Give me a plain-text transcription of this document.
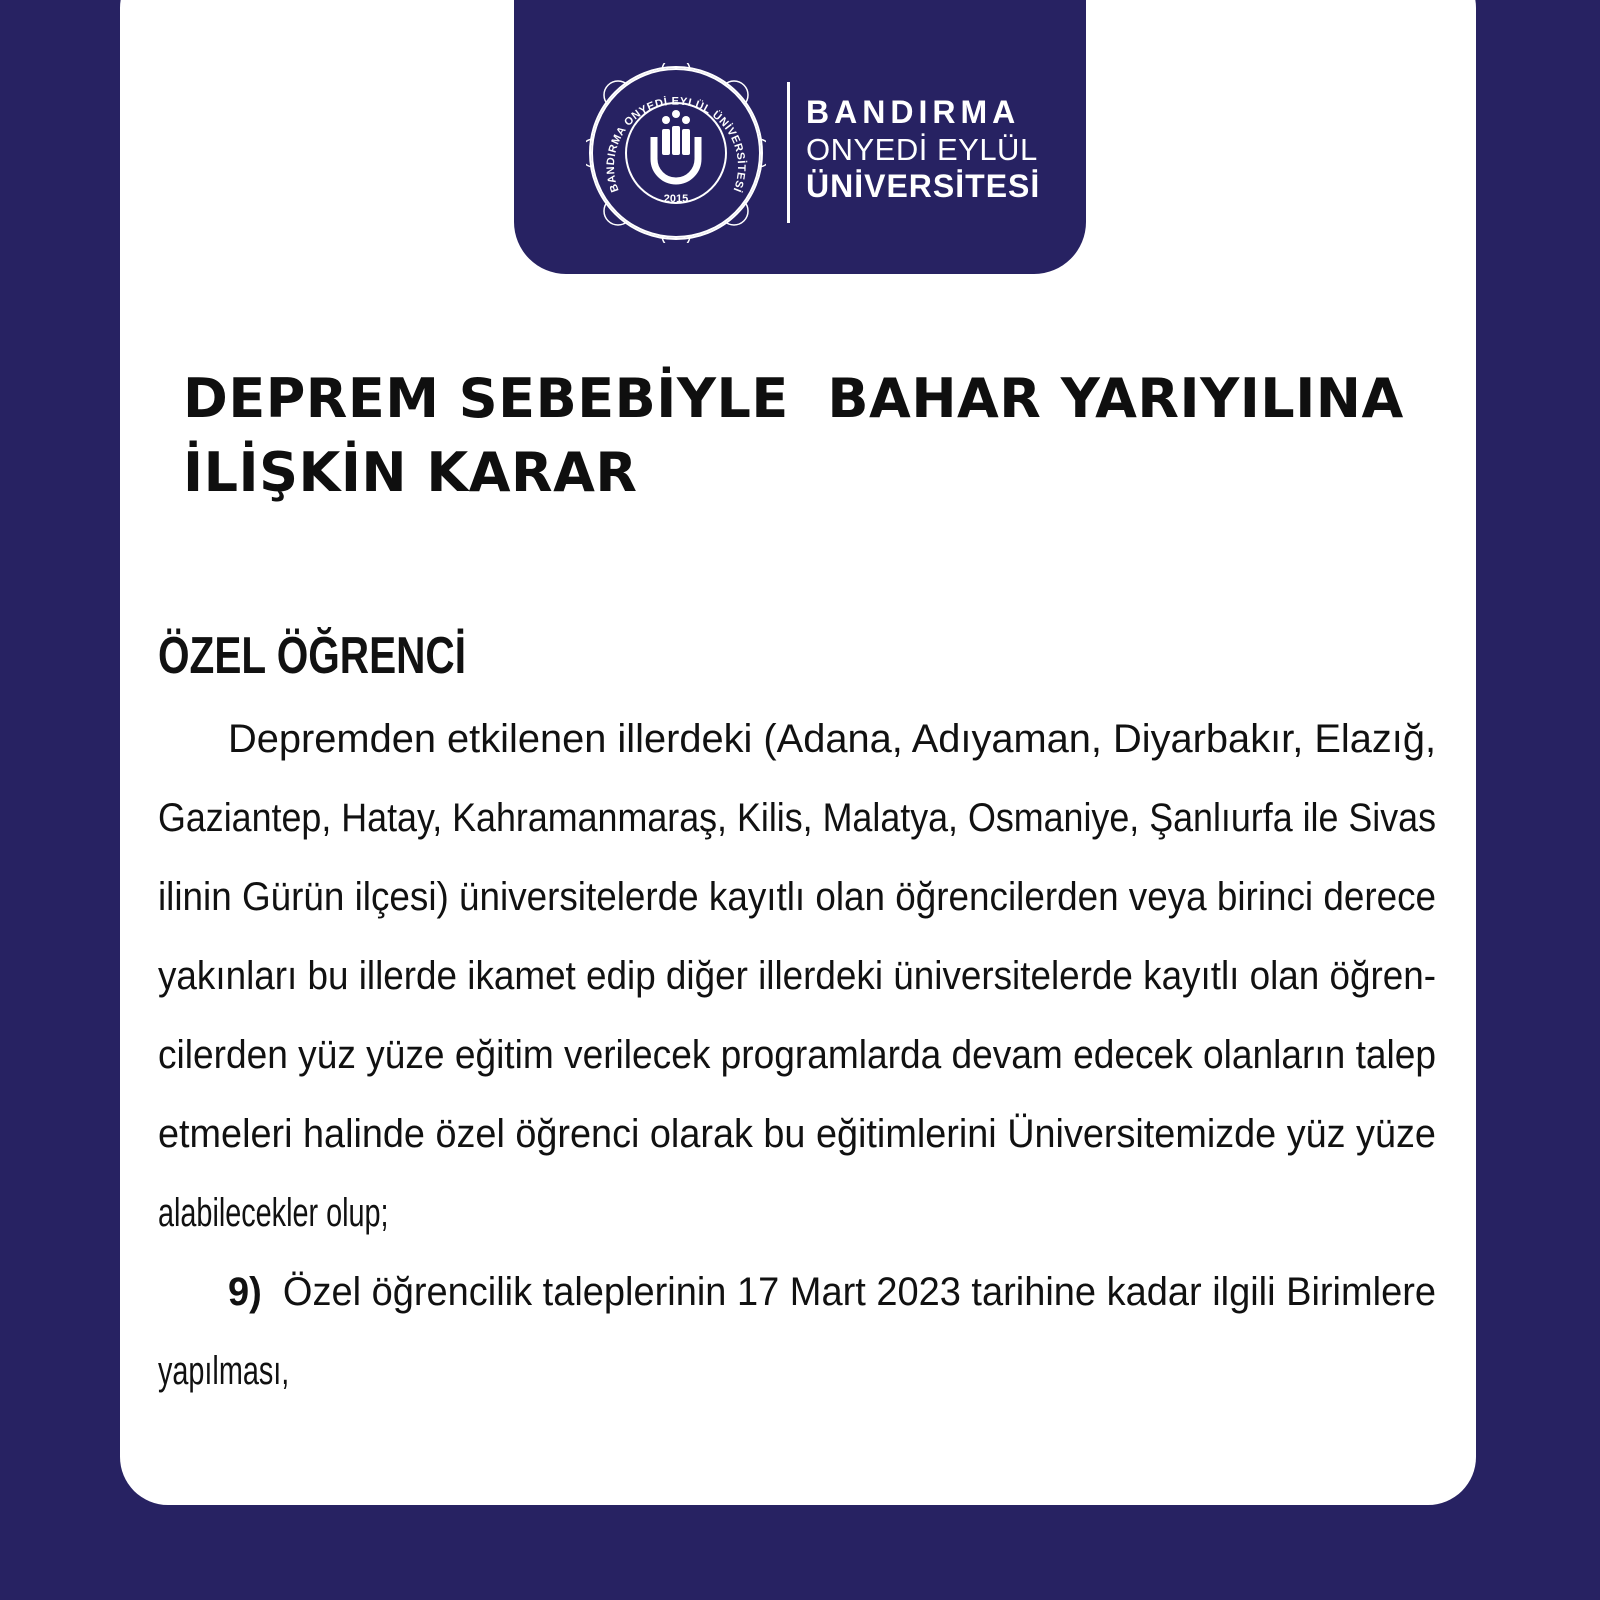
BANDIRMA ONYEDİ EYLÜL ÜNİVERSİTESİ
2015
BANDIRMA
ONYEDİ EYLÜL
ÜNİVERSİTESİ
DEPREM SEBEBİYLE  BAHAR YARIYILINA
İLİŞKİN KARAR
ÖZEL ÖĞRENCİ
Depremden etkilenen illerdeki (Adana, Adıyaman, Diyarbakır, Elazığ,
Gaziantep, Hatay, Kahramanmaraş, Kilis, Malatya, Osmaniye, Şanlıurfa ile Sivas
ilinin Gürün ilçesi) üniversitelerde kayıtlı olan öğrencilerden veya birinci derece
yakınları bu illerde ikamet edip diğer illerdeki üniversitelerde kayıtlı olan öğren-
cilerden yüz yüze eğitim verilecek programlarda devam edecek olanların talep
etmeleri halinde özel öğrenci olarak bu eğitimlerini Üniversitemizde yüz yüze
alabilecekler olup;
9) Özel öğrencilik taleplerinin 17 Mart 2023 tarihine kadar ilgili Birimlere
yapılması,
